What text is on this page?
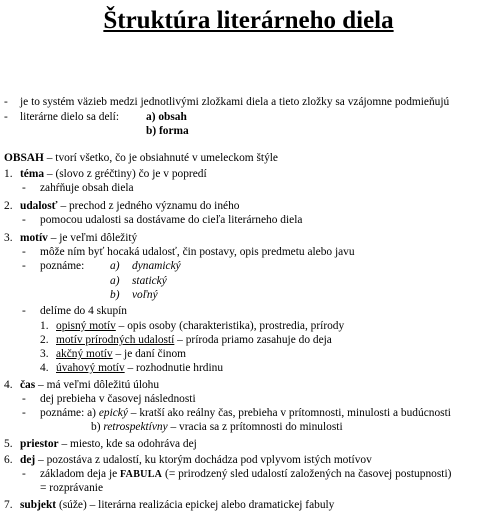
Štruktúra literárneho diela
- je to systém väzieb medzi jednotlivými zložkami diela a tieto zložky sa vzájomne podmieňujú
- literárne dielo sa delí: a) obsah
b) forma
OBSAH – tvorí všetko, čo je obsiahnuté v umeleckom štýle
1. téma – (slovo z gréčtiny) čo je v popredí
- zahŕňuje obsah diela
2. udalosť – prechod z jedného významu do iného
- pomocou udalosti sa dostávame do cieľa literárneho diela
3. motív – je veľmi dôležitý
- môže ním byť hocaká udalosť, čin postavy, opis predmetu alebo javu
- poznáme: a) dynamický
a) statický
b) voľný
- delíme do 4 skupín
1. opisný motív – opis osoby (charakteristika), prostredia, prírody
2. motív prírodných udalostí – príroda priamo zasahuje do deja
3. akčný motív – je daní činom
4. úvahový motív – rozhodnutie hrdinu
4. čas – má veľmi dôležitú úlohu
- dej prebieha v časovej následnosti
- poznáme: a) epický – kratší ako reálny čas, prebieha v prítomnosti, minulosti a budúcnosti
b) retrospektívny – vracia sa z prítomnosti do minulosti
5. priestor – miesto, kde sa odohráva dej
6. dej – pozostáva z udalostí, ku ktorým dochádza pod vplyvom istých motívov
- základom deja je FABULA (= prirodzený sled udalostí založených na časovej postupnosti)
= rozprávanie
7. subjekt (súže) – literárna realizácia epickej alebo dramatickej fabuly
